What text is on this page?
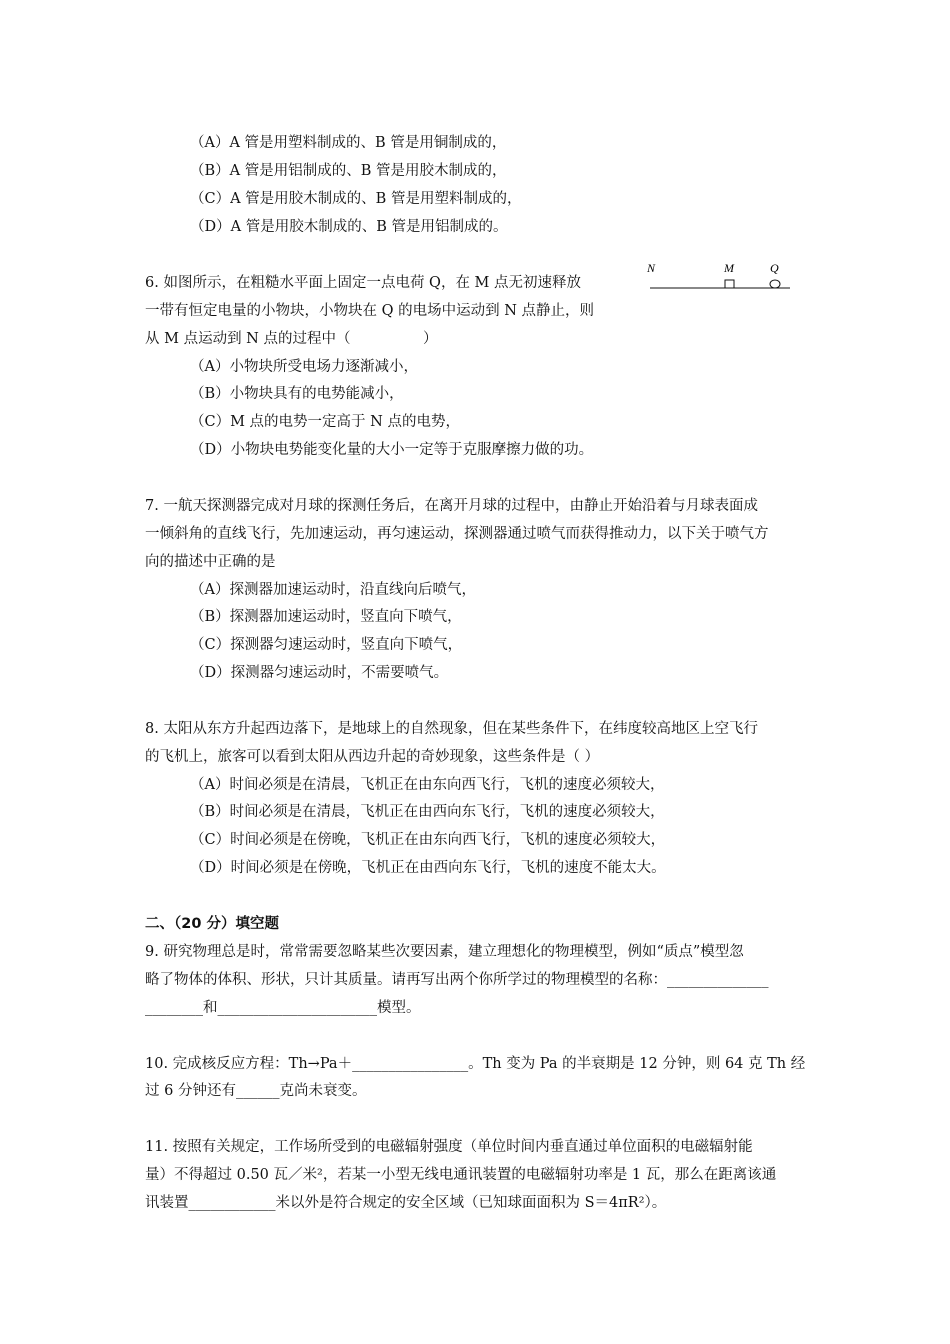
（A）A 管是用塑料制成的、B 管是用铜制成的，
（B）A 管是用铝制成的、B 管是用胶木制成的，
（C）A 管是用胶木制成的、B 管是用塑料制成的，
（D）A 管是用胶木制成的、B 管是用铝制成的。
6. 如图所示，在粗糙水平面上固定一点电荷 Q，在 M 点无初速释放
一带有恒定电量的小物块，小物块在 Q 的电场中运动到 N 点静止，则
从 M 点运动到 N 点的过程中（　　　　　）
N	M	Q
（A）小物块所受电场力逐渐减小，
（B）小物块具有的电势能减小，
（C）M 点的电势一定高于 N 点的电势，
（D）小物块电势能变化量的大小一定等于克服摩擦力做的功。
7. 一航天探测器完成对月球的探测任务后，在离开月球的过程中，由静止开始沿着与月球表面成
一倾斜角的直线飞行，先加速运动，再匀速运动，探测器通过喷气而获得推动力，以下关于喷气方
向的描述中正确的是
（A）探测器加速运动时，沿直线向后喷气，
（B）探测器加速运动时，竖直向下喷气，
（C）探测器匀速运动时，竖直向下喷气，
（D）探测器匀速运动时，不需要喷气。
8. 太阳从东方升起西边落下，是地球上的自然现象，但在某些条件下，在纬度较高地区上空飞行
的飞机上，旅客可以看到太阳从西边升起的奇妙现象，这些条件是（ ）
（A）时间必须是在清晨，飞机正在由东向西飞行，飞机的速度必须较大，
（B）时间必须是在清晨，飞机正在由西向东飞行，飞机的速度必须较大，
（C）时间必须是在傍晚，飞机正在由东向西飞行，飞机的速度必须较大，
（D）时间必须是在傍晚，飞机正在由西向东飞行，飞机的速度不能太大。
二、（20 分）填空题
9. 研究物理总是时，常常需要忽略某些次要因素，建立理想化的物理模型，例如“质点”模型忽
略了物体的体积、形状，只计其质量。请再写出两个你所学过的物理模型的名称：______________
________和______________________模型。
10. 完成核反应方程：Th→Pa＋________________。Th 变为 Pa 的半衰期是 12 分钟，则 64 克 Th 经
过 6 分钟还有______克尚未衰变。
11. 按照有关规定，工作场所受到的电磁辐射强度（单位时间内垂直通过单位面积的电磁辐射能
量）不得超过 0.50 瓦／米²，若某一小型无线电通讯装置的电磁辐射功率是 1 瓦，那么在距离该通
讯装置____________米以外是符合规定的安全区域（已知球面面积为 S＝4πR²）。
